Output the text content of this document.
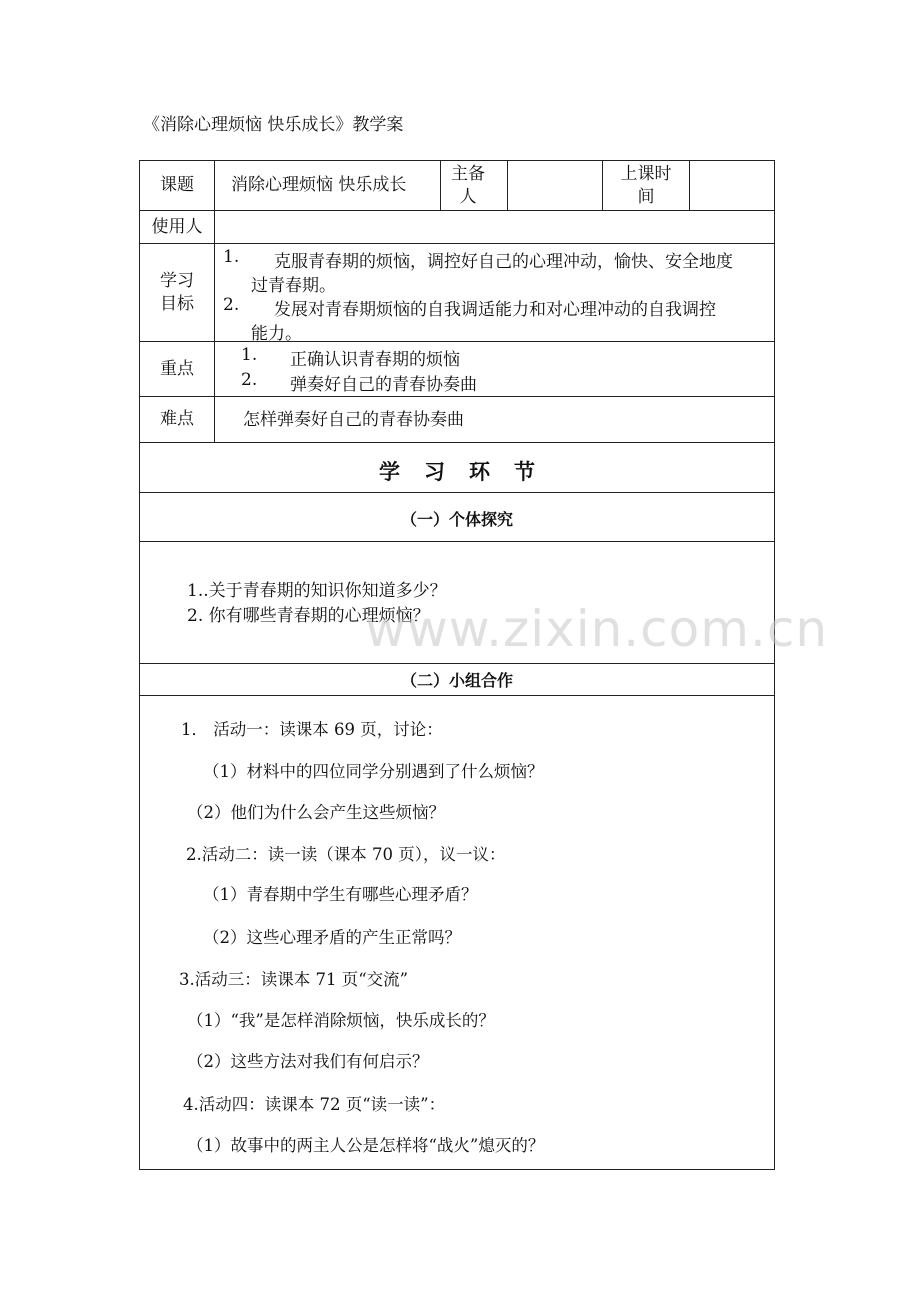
《消除心理烦恼 快乐成长》教学案
课题	消除心理烦恼 快乐成长
主备人
上课时间
使用人
学习目标
1. 克服青春期的烦恼，调控好自己的心理冲动，愉快、安全地度
过青春期。
2. 发展对青春期烦恼的自我调适能力和对心理冲动的自我调控
能力。
重点
1. 正确认识青春期的烦恼
2. 弹奏好自己的青春协奏曲
难点	怎样弹奏好自己的青春协奏曲
学习环节
（一）个体探究
1..关于青春期的知识你知道多少？
2. 你有哪些青春期的心理烦恼？
（二）小组合作
1． 活动一：读课本 69 页，讨论：
（1）材料中的四位同学分别遇到了什么烦恼？
（2）他们为什么会产生这些烦恼？
2.活动二：读一读（课本 70 页），议一议：
（1）青春期中学生有哪些心理矛盾？
（2）这些心理矛盾的产生正常吗？
3.活动三：读课本 71 页“交流”
（1）“我”是怎样消除烦恼，快乐成长的？
（2）这些方法对我们有何启示？
4.活动四：读课本 72 页“读一读”：
（1）故事中的两主人公是怎样将“战火”熄灭的？
www.zixin.com.cn
